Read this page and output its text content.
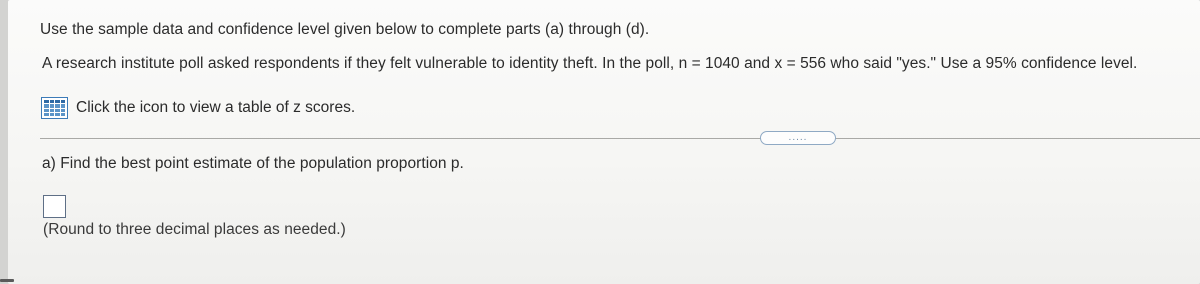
Use the sample data and confidence level given below to complete parts (a) through (d).
A research institute poll asked respondents if they felt vulnerable to identity theft. In the poll, n = 1040 and x = 556 who said "yes." Use a 95% confidence level.
Click the icon to view a table of z scores.
.....
a) Find the best point estimate of the population proportion p.
(Round to three decimal places as needed.)
